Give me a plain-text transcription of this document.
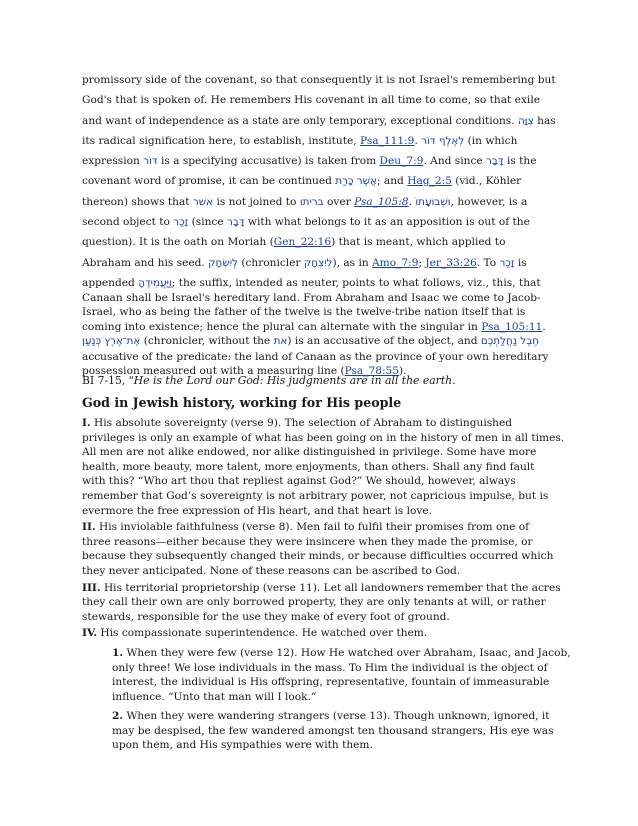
promissory side of the covenant, so that consequently it is not Israel's remembering but

God's that is spoken of. He remembers His covenant in all time to come, so that exile

and want of independence as a state are only temporary, exceptional conditions. צִוָּה has

its radical signification here, to establish, institute, Psa_111:9. לְאֶלֶף דּוֹר (in which

expression דּוֹר is a specifying accusative) is taken from Deu_7:9. And since דָּבָר is the

covenant word of promise, it can be continued אֲשֶׁר כָּרַת; and Hag_2:5 (vid., Köhler

thereon) shows that אשׁר is not joined to בריתו over Psa_105:8. וּשְׁבוּעָתוֹ, however, is a

second object to זָכַר (since דָּבָר with what belongs to it as an apposition is out of the

question). It is the oath on Moriah (Gen_22:16) that is meant, which applied to

Abraham and his seed. לְיִשְׂחָק (chronicler לְיִצְחָק), as in Amo_7:9; Jer_33:26. To זָכַר is

appended וַיַּעֲמִידֶהָ; the suffix, intended as neuter, points to what follows, viz., this, that

Canaan shall be Israel's hereditary land. From Abraham and Isaac we come to Jacob-

Israel, who as being the father of the twelve is the twelve-tribe nation itself that is

coming into existence; hence the plural can alternate with the singular in Psa_105:11.

אֶת־אֶרֶץ כְּנַעַן (chronicler, without the את) is an accusative of the object, and חֶבֶל נַחֲלַתְכֶם

accusative of the predicate: the land of Canaan as the province of your own hereditary

possession measured out with a measuring line (Psa_78:55).

BI 7-15, "He is the Lord our God: His judgments are in all the earth.
God in Jewish history, working for His people
I. His absolute sovereignty (verse 9). The selection of Abraham to distinguished
privileges is only an example of what has been going on in the history of men in all times.
All men are not alike endowed, nor alike distinguished in privilege. Some have more
health, more beauty, more talent, more enjoyments, than others. Shall any find fault
with this? “Who art thou that repliest against God?” We should, however, always
remember that God’s sovereignty is not arbitrary power, not capricious impulse, but is
evermore the free expression of His heart, and that heart is love.
II. His inviolable faithfulness (verse 8). Men fail to fulfil their promises from one of
three reasons—either because they were insincere when they made the promise, or
because they subsequently changed their minds, or because difficulties occurred which
they never anticipated. None of these reasons can be ascribed to God.
III. His territorial proprietorship (verse 11). Let all landowners remember that the acres
they call their own are only borrowed property, they are only tenants at will, or rather
stewards, responsible for the use they make of every foot of ground.
IV. His compassionate superintendence. He watched over them.
1. When they were few (verse 12). How He watched over Abraham, Isaac, and Jacob,
only three! We lose individuals in the mass. To Him the individual is the object of
interest, the individual is His offspring, representative, fountain of immeasurable
influence. “Unto that man will I look.”
2. When they were wandering strangers (verse 13). Though unknown, ignored, it
may be despised, the few wandered amongst ten thousand strangers, His eye was
upon them, and His sympathies were with them.
